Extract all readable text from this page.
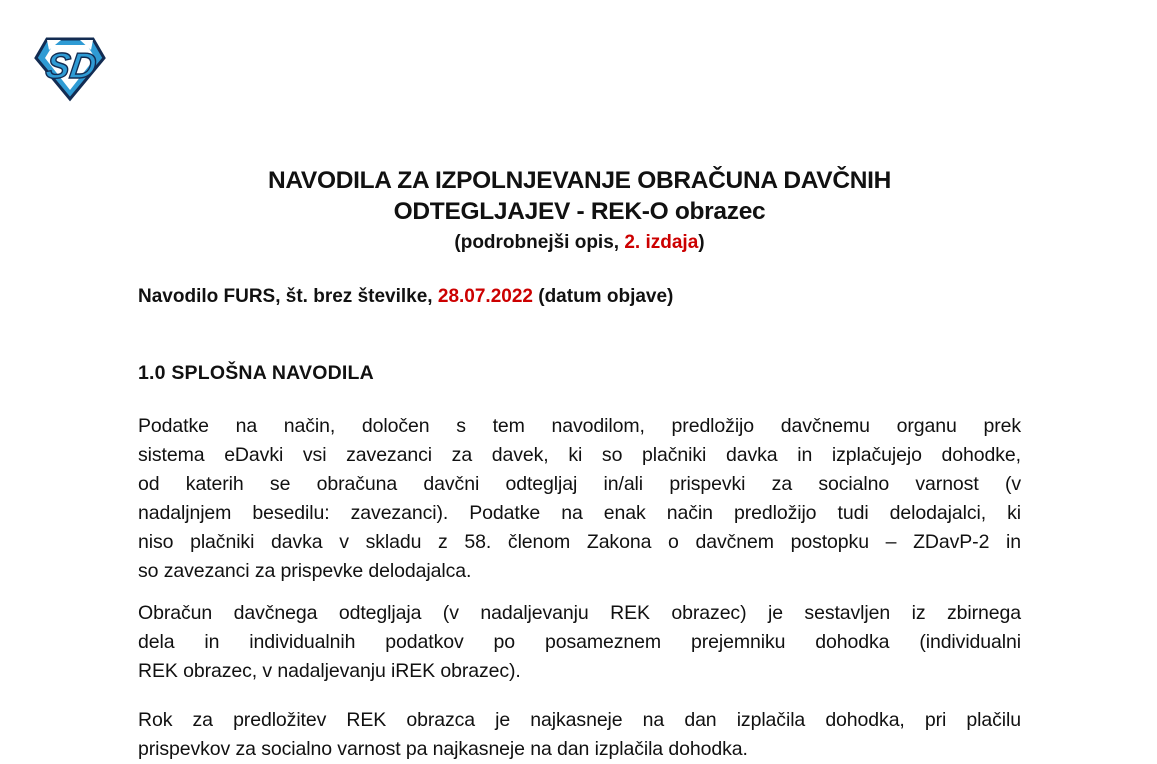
SD
NAVODILA ZA IZPOLNJEVANJE OBRAČUNA DAVČNIH
ODTEGLJAJEV - REK-O obrazec
(podrobnejši opis, 2. izdaja)
Navodilo FURS, št. brez številke, 28.07.2022 (datum objave)
1.0 SPLOŠNA NAVODILA
Podatke na način, določen s tem navodilom, predložijo davčnemu organu prek
sistema eDavki vsi zavezanci za davek, ki so plačniki davka in izplačujejo dohodke,
od katerih se obračuna davčni odtegljaj in/ali prispevki za socialno varnost (v
nadaljnjem besedilu: zavezanci). Podatke na enak način predložijo tudi delodajalci, ki
niso plačniki davka v skladu z 58. členom Zakona o davčnem postopku – ZDavP-2 in
so zavezanci za prispevke delodajalca.
Obračun davčnega odtegljaja (v nadaljevanju REK obrazec) je sestavljen iz zbirnega
dela in individualnih podatkov po posameznem prejemniku dohodka (individualni
REK obrazec, v nadaljevanju iREK obrazec).
Rok za predložitev REK obrazca je najkasneje na dan izplačila dohodka, pri plačilu
prispevkov za socialno varnost pa najkasneje na dan izplačila dohodka.
